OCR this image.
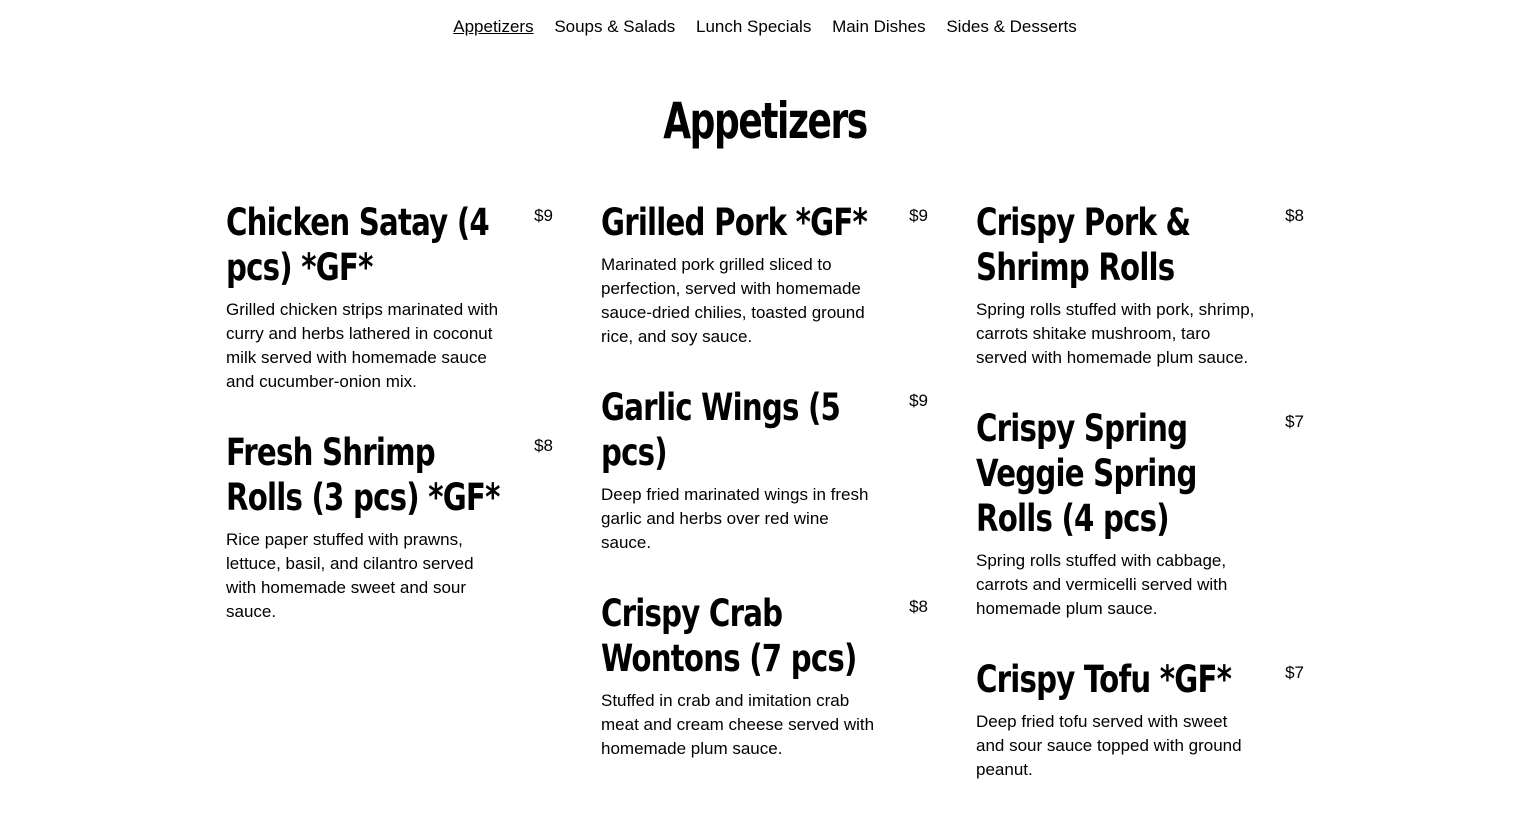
Appetizers Soups & Salads Lunch Specials Main Dishes Sides & Desserts
Appetizers
Chicken Satay (4 pcs) *GF*
$9

Grilled chicken strips marinated with curry and herbs lathered in coconut milk served with homemade sauce and cucumber-onion mix.

Fresh Shrimp Rolls (3 pcs) *GF*
$8

Rice paper stuffed with prawns, lettuce, basil, and cilantro served with homemade sweet and sour sauce.

Grilled Pork *GF*	$9

Marinated pork grilled sliced to perfection, served with homemade sauce-dried chilies, toasted ground rice, and soy sauce.

Garlic Wings (5 pcs)
$9

Deep fried marinated wings in fresh garlic and herbs over red wine sauce.

Crispy Crab Wontons (7 pcs)
$8

Stuffed in crab and imitation crab meat and cream cheese served with homemade plum sauce.

Crispy Pork & Shrimp Rolls
$8

Spring rolls stuffed with pork, shrimp, carrots shitake mushroom, taro served with homemade plum sauce.

Crispy Spring Veggie Spring Rolls (4 pcs)
$7

Spring rolls stuffed with cabbage, carrots and vermicelli served with homemade plum sauce.

Crispy Tofu *GF*	$7

Deep fried tofu served with sweet and sour sauce topped with ground peanut.
